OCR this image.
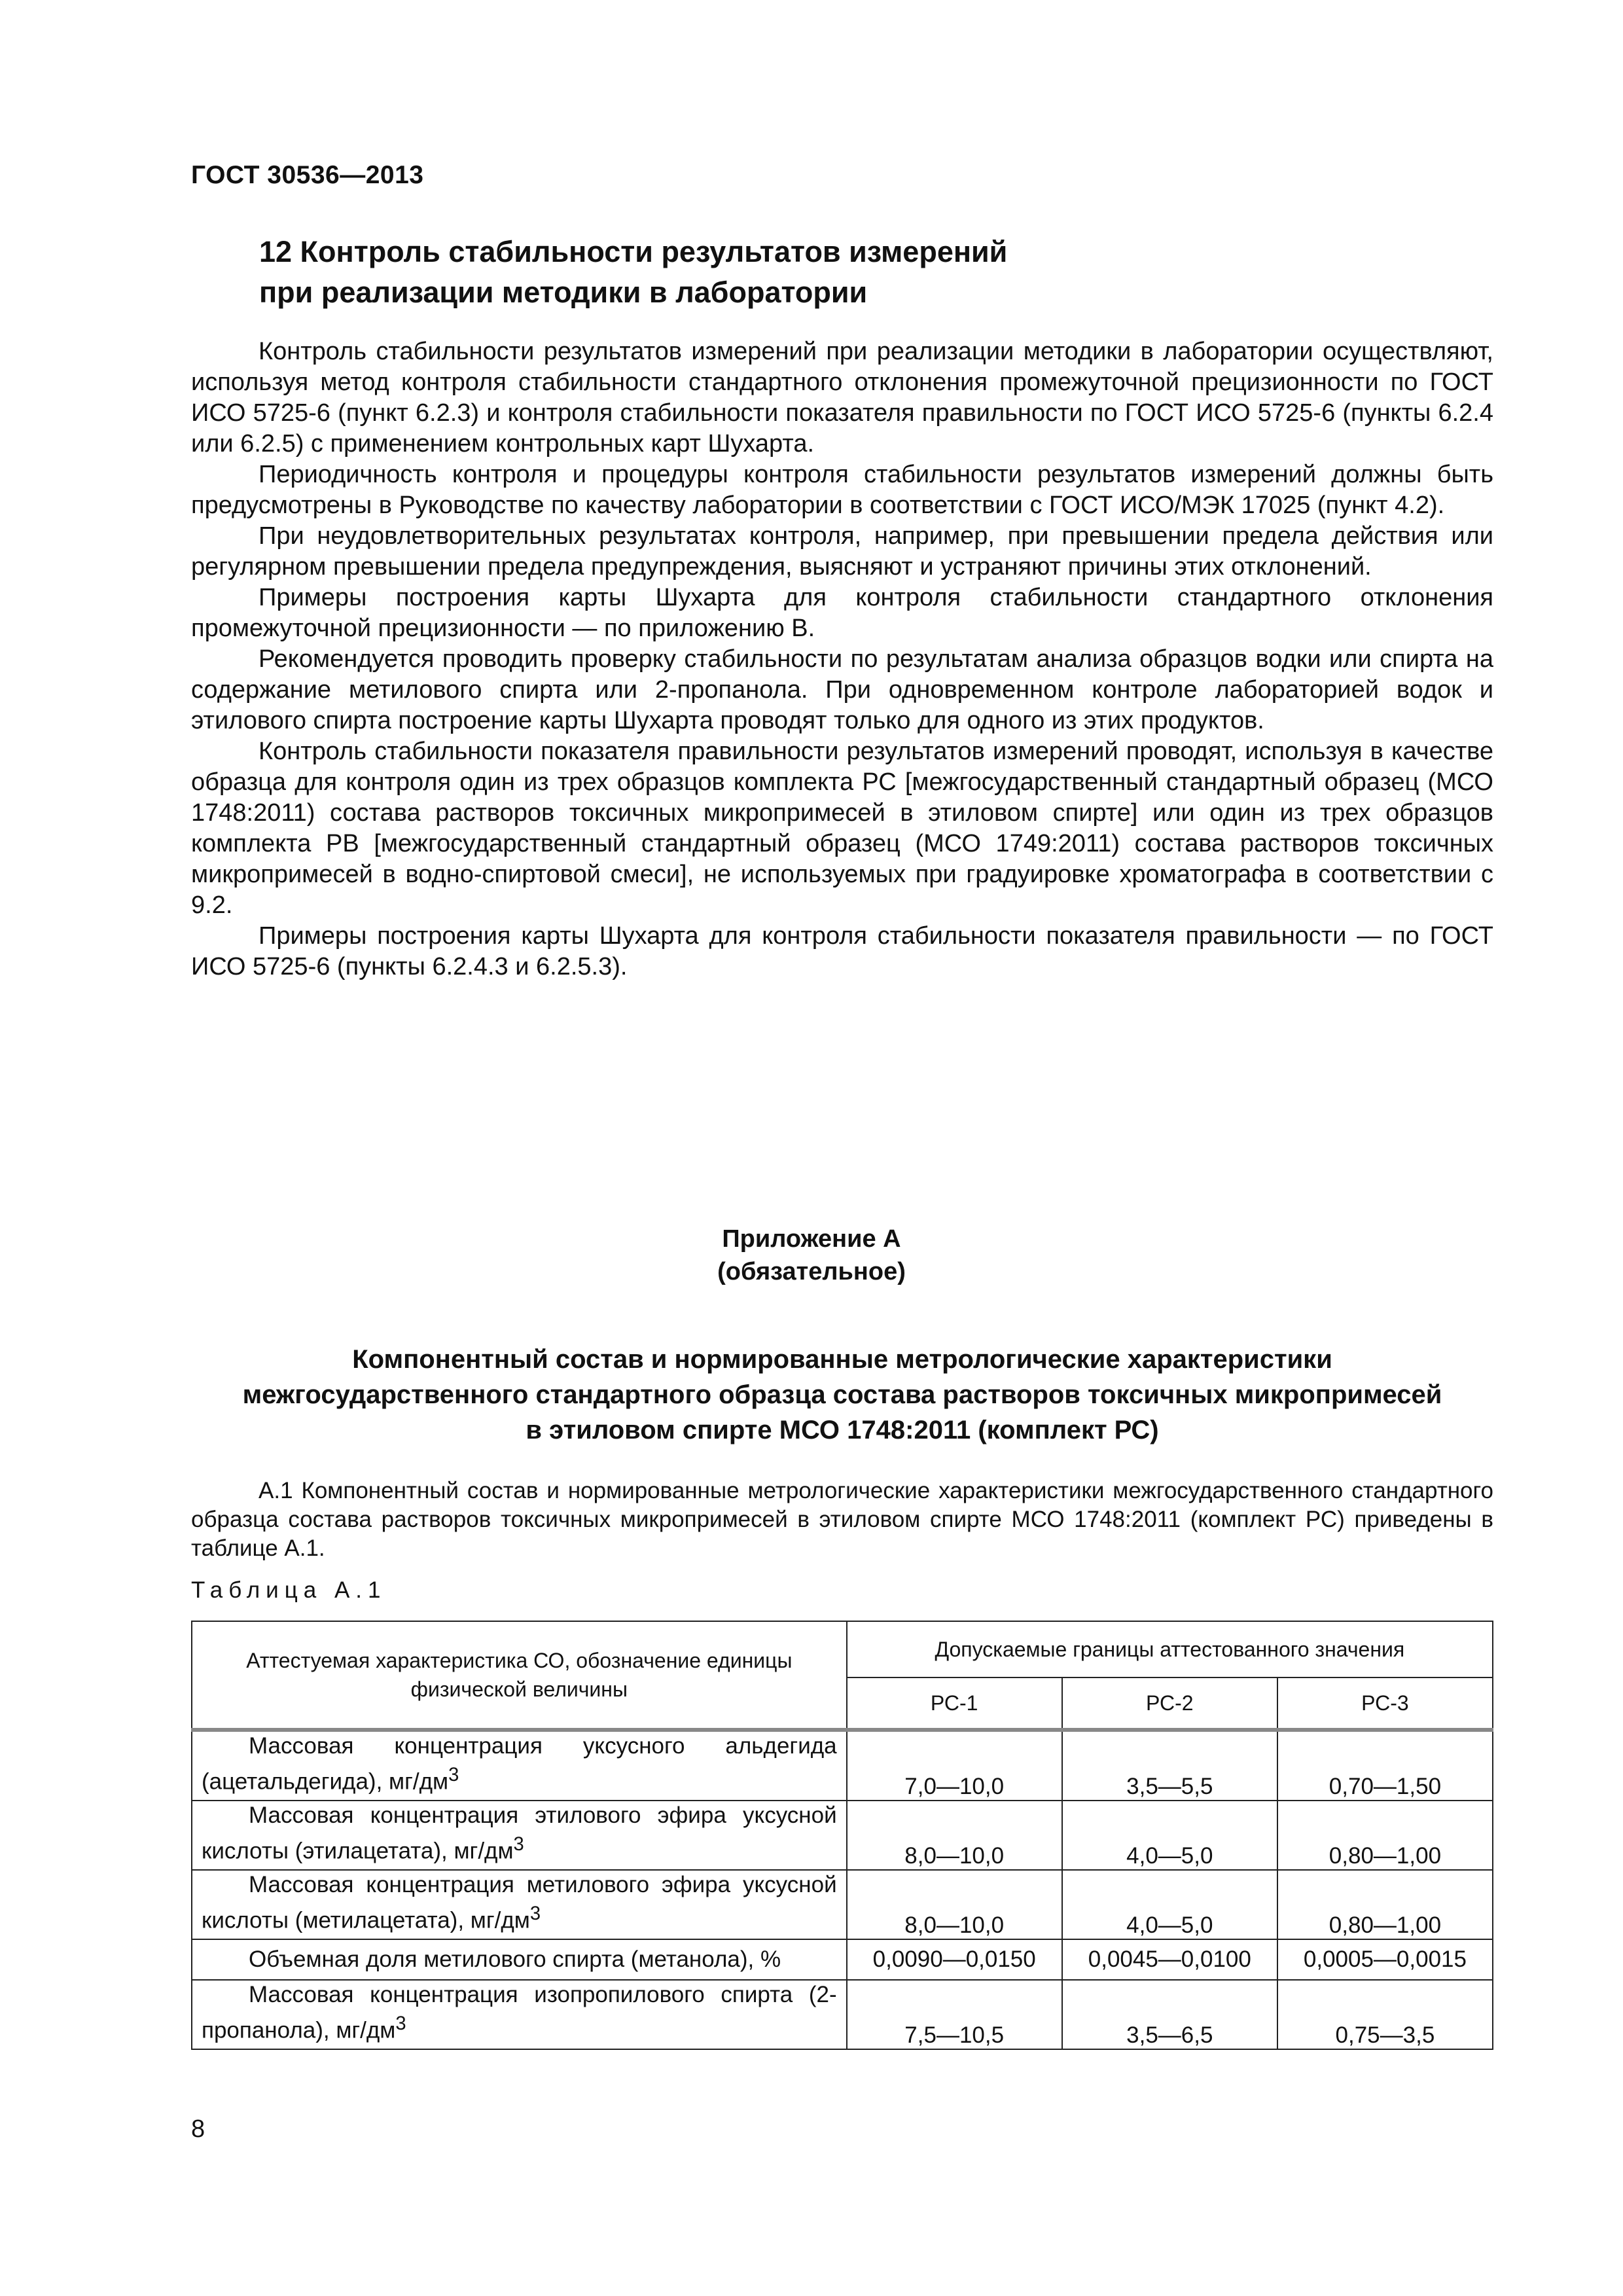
ГОСТ 30536—2013
12 Контроль стабильности результатов измерений
при реализации методики в лаборатории

Контроль стабильности результатов измерений при реализации методики в лаборатории осуществляют, используя метод контроля стабильности стандартного отклонения промежуточной прецизионности по ГОСТ ИСО 5725-6 (пункт 6.2.3) и контроля стабильности показателя правильности по ГОСТ ИСО 5725-6 (пункты 6.2.4 или 6.2.5) с применением контрольных карт Шухарта.

Периодичность контроля и процедуры контроля стабильности результатов измерений должны быть предусмотрены в Руководстве по качеству лаборатории в соответствии с ГОСТ ИСО/МЭК 17025 (пункт 4.2).

При неудовлетворительных результатах контроля, например, при превышении предела действия или регулярном превышении предела предупреждения, выясняют и устраняют причины этих отклонений.

Примеры построения карты Шухарта для контроля стабильности стандартного отклонения промежуточной прецизионности — по приложению В.

Рекомендуется проводить проверку стабильности по результатам анализа образцов водки или спирта на содержание метилового спирта или 2-пропанола. При одновременном контроле лабораторией водок и этилового спирта построение карты Шухарта проводят только для одного из этих продуктов.

Контроль стабильности показателя правильности результатов измерений проводят, используя в качестве образца для контроля один из трех образцов комплекта РС [межгосударственный стандартный образец (МСО 1748:2011) состава растворов токсичных микропримесей в этиловом спирте] или один из трех образцов комплекта РВ [межгосударственный стандартный образец (МСО 1749:2011) состава растворов токсичных микропримесей в водно-спиртовой смеси], не используемых при градуировке хроматографа в соответствии с 9.2.

Примеры построения карты Шухарта для контроля стабильности показателя правильности — по ГОСТ ИСО 5725-6 (пункты 6.2.4.3 и 6.2.5.3).

Приложение А
(обязательное)
Компонентный состав и нормированные метрологические характеристики
межгосударственного стандартного образца состава растворов токсичных микропримесей
в этиловом спирте МСО 1748:2011 (комплект РС)

А.1 Компонентный состав и нормированные метрологические характеристики межгосударственного стандартного образца состава растворов токсичных микропримесей в этиловом спирте МСО 1748:2011 (комплект РС) приведены в таблице А.1.

Таблица А.1
Аттестуемая характеристика СО, обозначение единицы физической величины	Допускаемые границы аттестованного значения		
	РС-1	РС-2	РС-3
Массовая концентрация уксусного альдегида (ацетальдегида), $мг/дм^3$	7,0—10,0	3,5—5,5	0,70—1,50
Массовая концентрация этилового эфира уксусной кислоты (этилацетата), $мг/дм^3$	8,0—10,0	4,0—5,0	0,80—1,00
Массовая концентрация метилового эфира уксусной кислоты (метилацетата), $мг/дм^3$	8,0—10,0	4,0—5,0	0,80—1,00
Объемная доля метилового спирта (метанола), %	0,0090—0,0150	0,0045—0,0100	0,0005—0,0015
Массовая концентрация изопропилового спирта (2-пропанола), $мг/дм^3$	7,5—10,5	3,5—6,5	0,75—3,5
8
